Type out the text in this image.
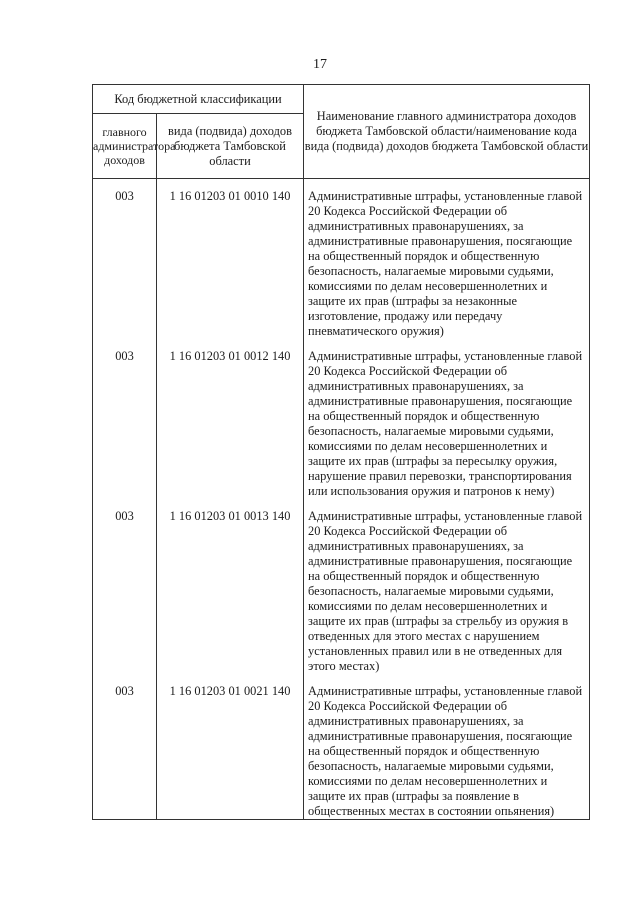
17
Код бюджетной классификации		Наименование главного администратора доходов бюджета Тамбовской области/наименование кода вида (подвида) доходов бюджета Тамбовской области
главного администратора доходов	вида (подвида) доходов бюджета Тамбовской области	
003	1 16 01203 01 0010 140	Административные штрафы, установленные главой 20 Кодекса Российской Федерации об административных правонарушениях, за административные правонарушения, посягающие на общественный порядок и общественную безопасность, налагаемые мировыми судьями, комиссиями по делам несовершеннолетних и защите их прав (штрафы за незаконные изготовление, продажу или передачу пневматического оружия)
003	1 16 01203 01 0012 140	Административные штрафы, установленные главой 20 Кодекса Российской Федерации об административных правонарушениях, за административные правонарушения, посягающие на общественный порядок и общественную безопасность, налагаемые мировыми судьями, комиссиями по делам несовершеннолетних и защите их прав (штрафы за пересылку оружия, нарушение правил перевозки, транспортирования или использования оружия и патронов к нему)
003	1 16 01203 01 0013 140	Административные штрафы, установленные главой 20 Кодекса Российской Федерации об административных правонарушениях, за административные правонарушения, посягающие на общественный порядок и общественную безопасность, налагаемые мировыми судьями, комиссиями по делам несовершеннолетних и защите их прав (штрафы за стрельбу из оружия в отведенных для этого местах с нарушением установленных правил или в не отведенных для этого местах)
003	1 16 01203 01 0021 140	Административные штрафы, установленные главой 20 Кодекса Российской Федерации об административных правонарушениях, за административные правонарушения, посягающие на общественный порядок и общественную безопасность, налагаемые мировыми судьями, комиссиями по делам несовершеннолетних и защите их прав (штрафы за появление в общественных местах в состоянии опьянения)
